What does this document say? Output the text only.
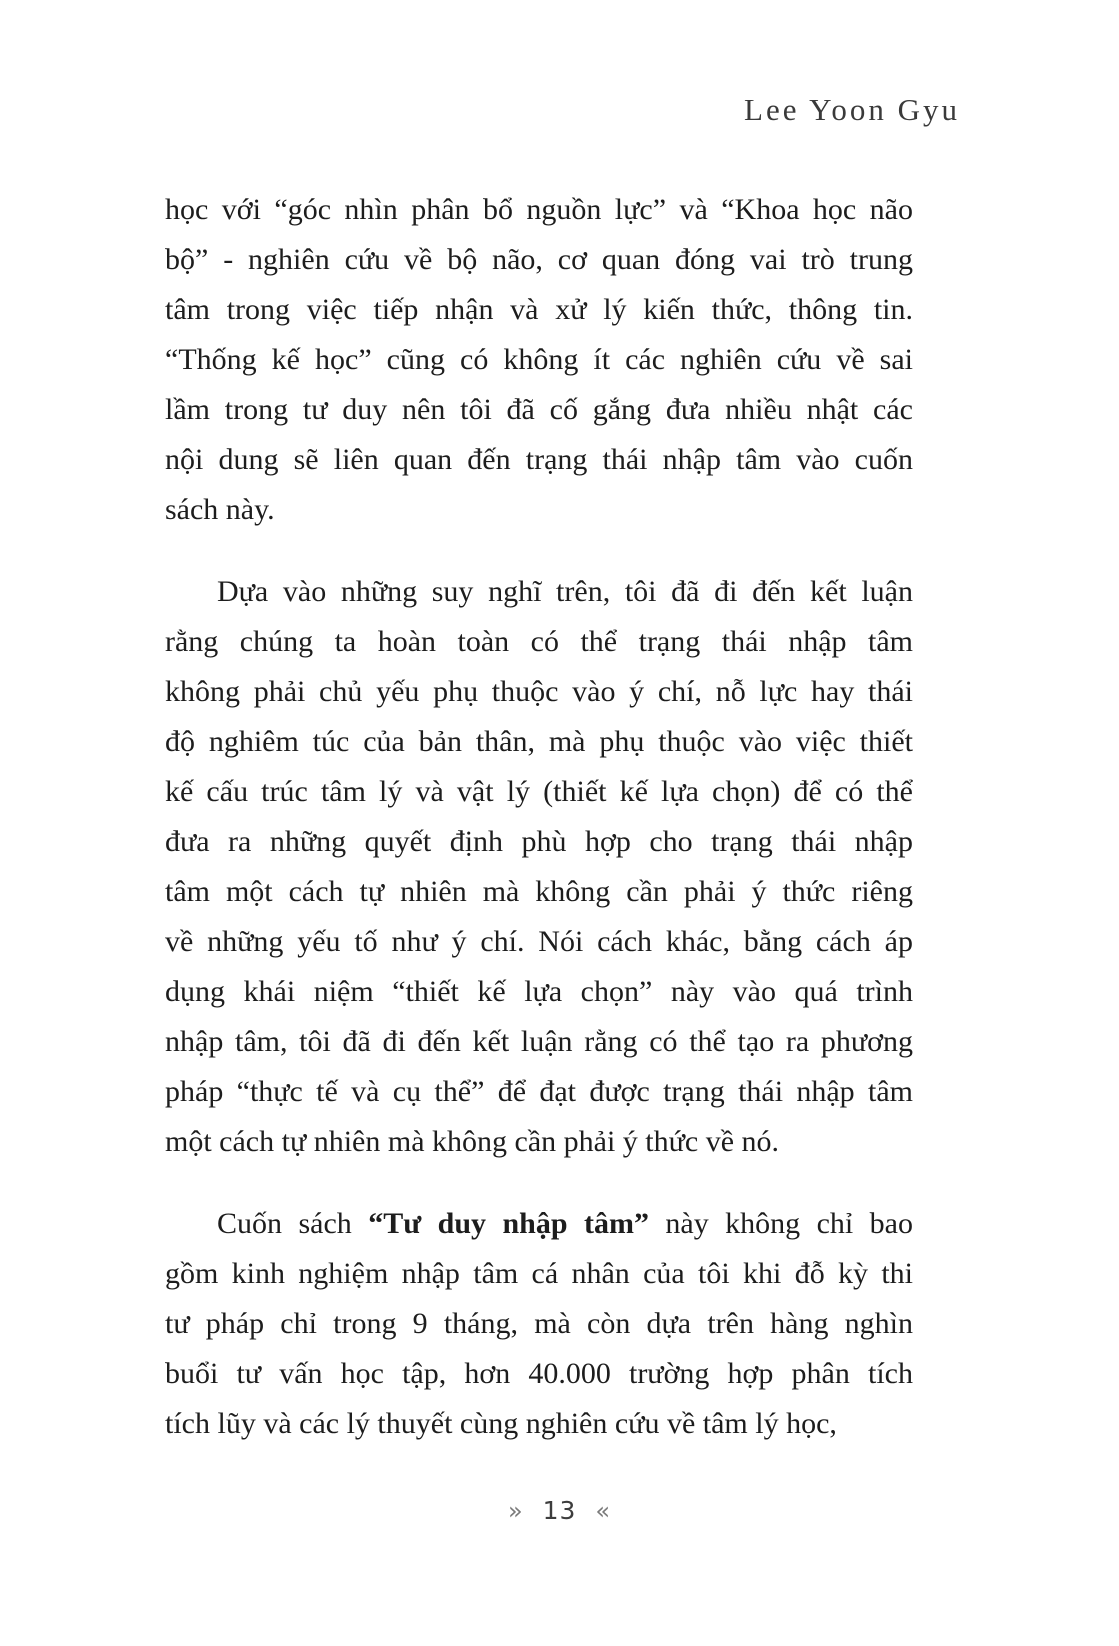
Lee Yoon Gyu
học với “góc nhìn phân bổ nguồn lực” và “Khoa học não
bộ” - nghiên cứu về bộ não, cơ quan đóng vai trò trung
tâm trong việc tiếp nhận và xử lý kiến thức, thông tin.
“Thống kế học” cũng có không ít các nghiên cứu về sai
lầm trong tư duy nên tôi đã cố gắng đưa nhiều nhật các
nội dung sẽ liên quan đến trạng thái nhập tâm vào cuốn
sách này.
Dựa vào những suy nghĩ trên, tôi đã đi đến kết luận
rằng chúng ta hoàn toàn có thể trạng thái nhập tâm
không phải chủ yếu phụ thuộc vào ý chí, nỗ lực hay thái
độ nghiêm túc của bản thân, mà phụ thuộc vào việc thiết
kế cấu trúc tâm lý và vật lý (thiết kế lựa chọn) để có thể
đưa ra những quyết định phù hợp cho trạng thái nhập
tâm một cách tự nhiên mà không cần phải ý thức riêng
về những yếu tố như ý chí. Nói cách khác, bằng cách áp
dụng khái niệm “thiết kế lựa chọn” này vào quá trình
nhập tâm, tôi đã đi đến kết luận rằng có thể tạo ra phương
pháp “thực tế và cụ thể” để đạt được trạng thái nhập tâm
một cách tự nhiên mà không cần phải ý thức về nó.
Cuốn sách “Tư duy nhập tâm” này không chỉ bao
gồm kinh nghiệm nhập tâm cá nhân của tôi khi đỗ kỳ thi
tư pháp chỉ trong 9 tháng, mà còn dựa trên hàng nghìn
buổi tư vấn học tập, hơn 40.000 trường hợp phân tích
tích lũy và các lý thuyết cùng nghiên cứu về tâm lý học,
» 13 «
